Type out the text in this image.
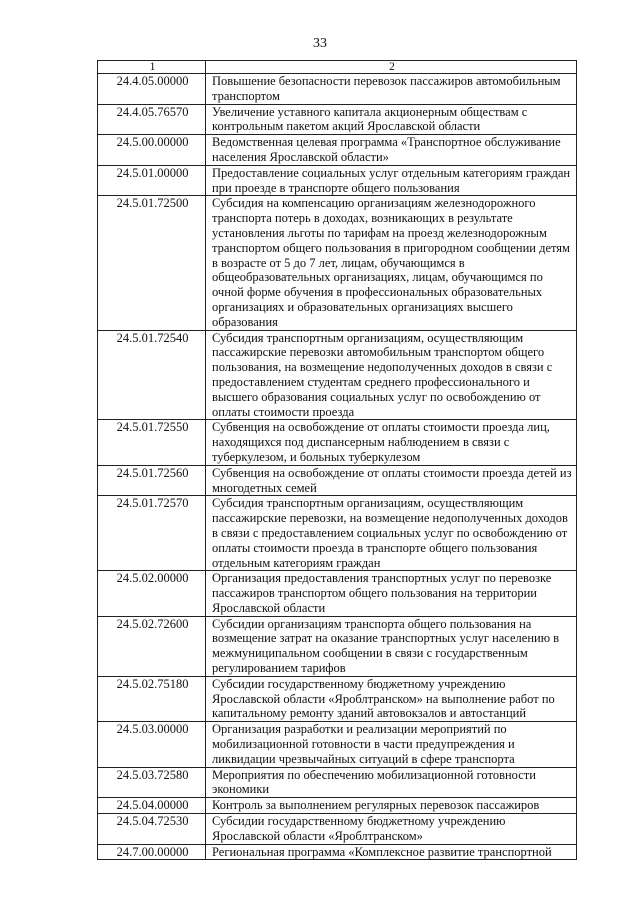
33
1	2
24.4.05.00000	Повышение безопасности перевозок пассажиров автомобильным транспортом
24.4.05.76570	Увеличение уставного капитала акционерным обществам с контрольным пакетом акций Ярославской области
24.5.00.00000	Ведомственная целевая программа «Транспортное обслуживание населения Ярославской области»
24.5.01.00000	Предоставление социальных услуг отдельным категориям граждан при проезде в транспорте общего пользования
24.5.01.72500	Субсидия на компенсацию организациям железнодорожного транспорта потерь в доходах, возникающих в результате установления льготы по тарифам на проезд железнодорожным транспортом общего пользования в пригородном сообщении детям в возрасте от 5 до 7 лет, лицам, обучающимся в общеобразовательных организациях, лицам, обучающимся по очной форме обучения в профессиональных образовательных организациях и образовательных организациях высшего образования
24.5.01.72540	Субсидия транспортным организациям, осуществляющим пассажирские перевозки автомобильным транспортом общего пользования, на возмещение недополученных доходов в связи с предоставлением студентам среднего профессионального и высшего образования социальных услуг по освобождению от оплаты стоимости проезда
24.5.01.72550	Субвенция на освобождение от оплаты стоимости проезда лиц, находящихся под диспансерным наблюдением в связи с туберкулезом, и больных туберкулезом
24.5.01.72560	Субвенция на освобождение от оплаты стоимости проезда детей из многодетных семей
24.5.01.72570	Субсидия транспортным организациям, осуществляющим пассажирские перевозки, на возмещение недополученных доходов в связи с предоставлением социальных услуг по освобождению от оплаты стоимости проезда в транспорте общего пользования отдельным категориям граждан
24.5.02.00000	Организация предоставления транспортных услуг по перевозке пассажиров транспортом общего пользования на территории Ярославской области
24.5.02.72600	Субсидии организациям транспорта общего пользования на возмещение затрат на оказание транспортных услуг населению в межмуниципальном сообщении в связи с государственным регулированием тарифов
24.5.02.75180	Субсидии государственному бюджетному учреждению Ярославской области «Яроблтранском» на выполнение работ по капитальному ремонту зданий автовокзалов и автостанций
24.5.03.00000	Организация разработки и реализации мероприятий по мобилизационной готовности в части предупреждения и ликвидации чрезвычайных ситуаций в сфере транспорта
24.5.03.72580	Мероприятия по обеспечению мобилизационной готовности экономики
24.5.04.00000	Контроль за выполнением регулярных перевозок пассажиров
24.5.04.72530	Субсидии государственному бюджетному учреждению Ярославской области «Яроблтранском»
24.7.00.00000	Региональная программа «Комплексное развитие транспортной
